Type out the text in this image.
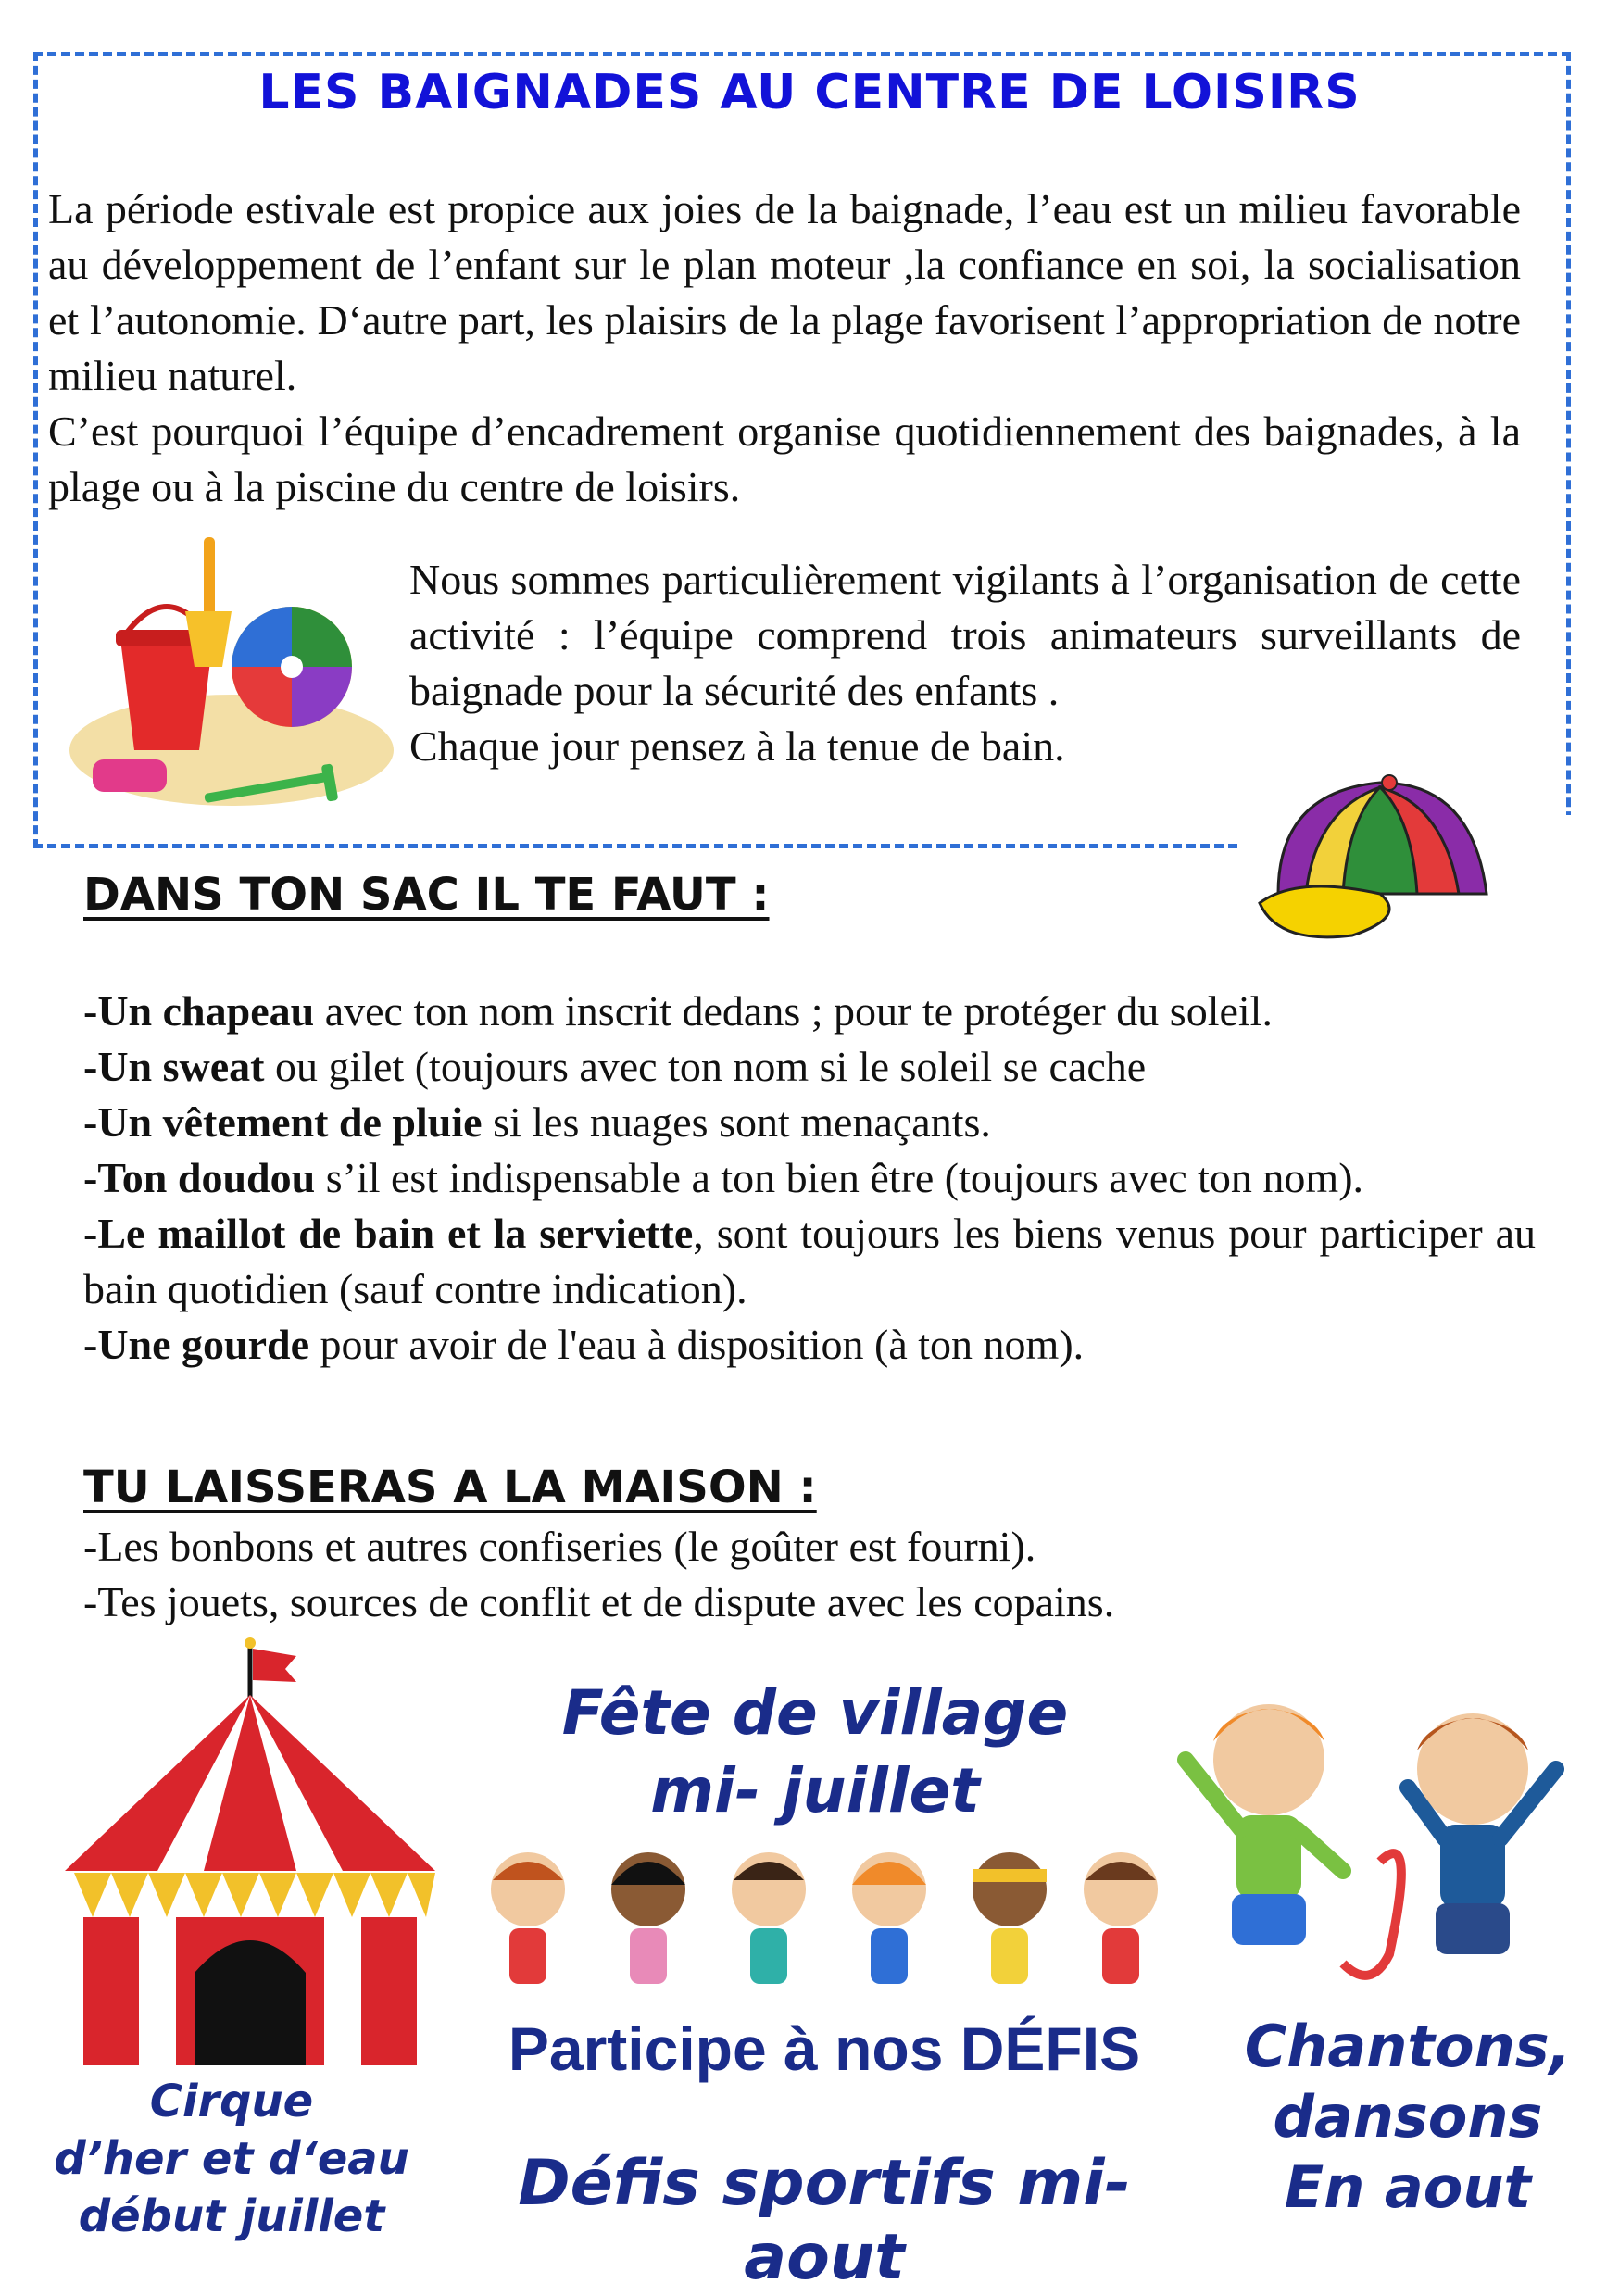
LES BAIGNADES AU CENTRE DE LOISIRS

La période estivale est propice aux joies de la baignade, l’eau est un milieu favorable au développement de l’enfant sur le plan moteur ,la confiance en soi, la socialisation et l’autonomie. D‘autre part, les plaisirs de la plage favorisent l’appropriation de notre milieu naturel.

C’est pourquoi l’équipe d’encadrement organise quotidiennement des baignades, à la plage ou à la piscine du centre de loisirs.

Nous sommes particulièrement vigilants à l’organisation de cette activité : l’équipe comprend trois animateurs surveillants de baignade pour la sécurité des enfants .

Chaque jour pensez à la tenue de bain.

DANS TON SAC IL TE FAUT :
-Un chapeau avec ton nom inscrit dedans ; pour te protéger du soleil.
-Un sweat ou gilet (toujours avec ton nom si le soleil se cache
-Un vêtement de pluie si les nuages sont menaçants.
-Ton doudou s’il est indispensable a ton bien être (toujours avec ton nom).
-Le maillot de bain et la serviette, sont toujours les biens venus pour participer au bain quotidien (sauf contre indication).
-Une gourde pour avoir de l'eau à disposition (à ton nom).
TU LAISSERAS A LA MAISON :
-Les bonbons et autres confiseries (le goûter est fourni).
-Tes jouets, sources de conflit et de dispute avec les copains.
Cirque
d’her et d‘eau
début juillet
Fête de village
mi- juillet
Participe à nos DÉFIS
Défis sportifs mi-aout
Chantons,
dansons
En aout
